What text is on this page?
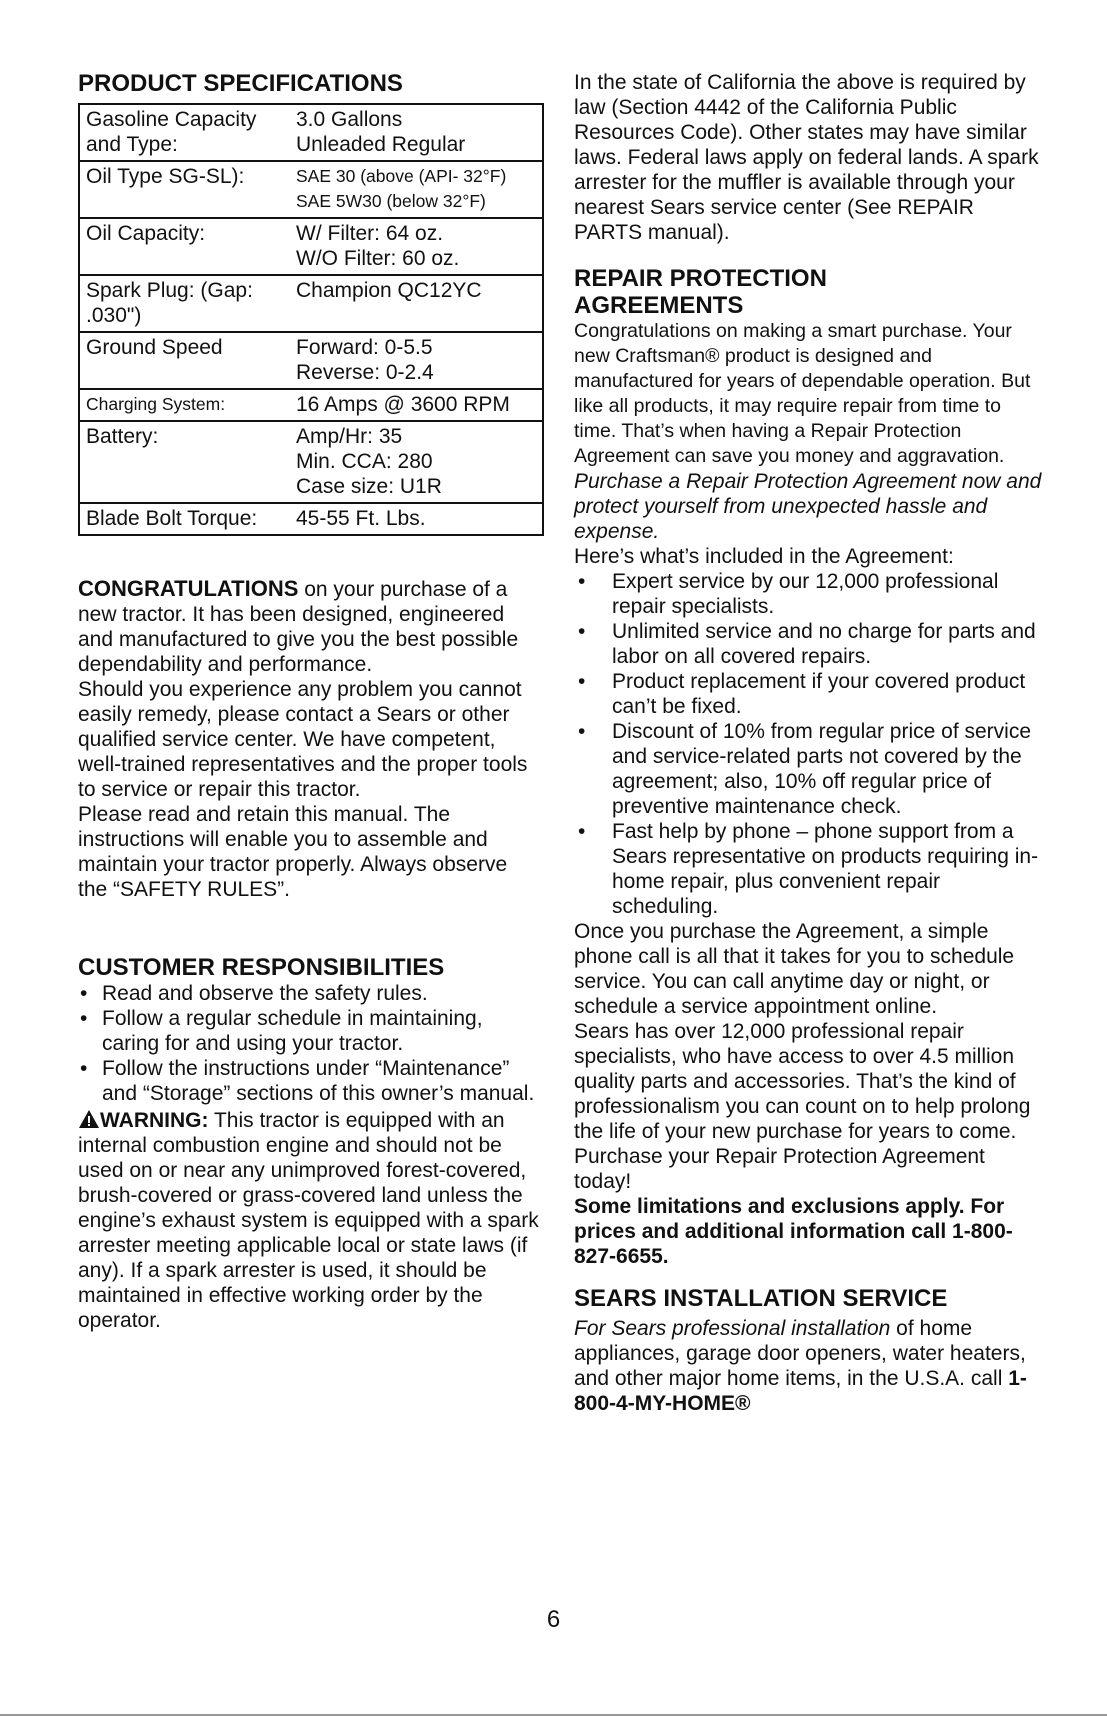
PRODUCT SPECIFICATIONS
Gasoline Capacity and Type:	3.0 Gallons
Unleaded Regular

Oil Type SG-SL):	SAE 30 (above (API- 32°F)
SAE 5W30 (below 32°F)

Oil Capacity:	W/ Filter: 64 oz.
W/O Filter: 60 oz.

Spark Plug: (Gap: .030")	Champion QC12YC
Ground Speed	Forward: 0-5.5
Reverse: 0-2.4

Charging System:	16 Amps @ 3600 RPM
Battery:	Amp/Hr: 35
Min. CCA: 280
Case size: U1R

Blade Bolt Torque:	45-55 Ft. Lbs.

CONGRATULATIONS on your purchase of a new tractor. It has been designed, engineered and manufactured to give you the best possible dependability and performance.

Should you experience any problem you cannot easily remedy, please contact a Sears or other qualified service center. We have competent, well-trained representatives and the proper tools to service or repair this tractor.

Please read and retain this manual. The instructions will enable you to assemble and maintain your tractor properly. Always observe the “SAFETY RULES”.

CUSTOMER RESPONSIBILITIES
• Read and observe the safety rules.
• Follow a regular schedule in maintaining, caring for and using your tractor.
• Follow the instructions under “Maintenance” and “Storage” sections of this owner’s manual.

WARNING: This tractor is equipped with an internal combustion engine and should not be used on or near any unimproved forest-covered, brush-covered or grass-covered land unless the engine’s exhaust system is equipped with a spark arrester meeting applicable local or state laws (if any). If a spark arrester is used, it should be maintained in effective working order by the operator.

In the state of California the above is required by law (Section 4442 of the California Public Resources Code). Other states may have similar laws. Federal laws apply on federal lands. A spark arrester for the muffler is available through your nearest Sears service center (See REPAIR PARTS manual).

REPAIR PROTECTION AGREEMENTS

Congratulations on making a smart purchase. Your new Craftsman® product is designed and manufactured for years of dependable operation. But like all products, it may require repair from time to time. That’s when having a Repair Protection Agreement can save you money and aggravation.

Purchase a Repair Protection Agreement now and protect yourself from unexpected hassle and expense.

Here’s what’s included in the Agreement:

• Expert service by our 12,000 professional repair specialists.
• Unlimited service and no charge for parts and labor on all covered repairs.
• Product replacement if your covered product can’t be fixed.
• Discount of 10% from regular price of service and service-related parts not covered by the agreement; also, 10% off regular price of preventive maintenance check.
• Fast help by phone – phone support from a Sears representative on products requiring in-home repair, plus convenient repair scheduling.

Once you purchase the Agreement, a simple phone call is all that it takes for you to schedule service. You can call anytime day or night, or schedule a service appointment online.

Sears has over 12,000 professional repair specialists, who have access to over 4.5 million quality parts and accessories. That’s the kind of professionalism you can count on to help prolong the life of your new purchase for years to come. Purchase your Repair Protection Agreement today!

Some limitations and exclusions apply. For prices and additional information call 1-800-827-6655.

SEARS INSTALLATION SERVICE

For Sears professional installation of home appliances, garage door openers, water heaters, and other major home items, in the U.S.A. call 1-800-4-MY-HOME®

6
